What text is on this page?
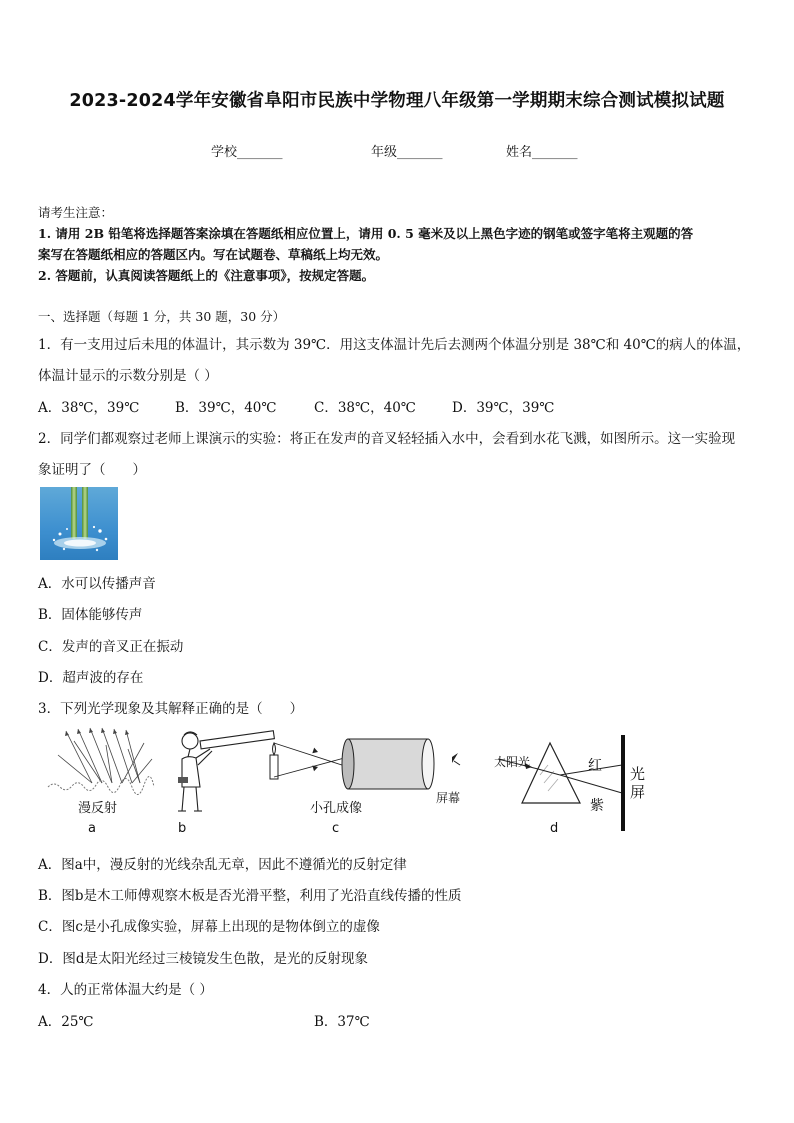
2023-2024学年安徽省阜阳市民族中学物理八年级第一学期期末综合测试模拟试题
学校_______	年级_______	姓名_______
请考生注意：
1. 请用 2B 铅笔将选择题答案涂填在答题纸相应位置上，请用 0. 5 毫米及以上黑色字迹的钢笔或签字笔将主观题的答
案写在答题纸相应的答题区内。写在试题卷、草稿纸上均无效。
2. 答题前，认真阅读答题纸上的《注意事项》，按规定答题。
一、选择题（每题 1 分，共 30 题，30 分）
1．有一支用过后未甩的体温计，其示数为 39℃．用这支体温计先后去测两个体温分别是 38℃和 40℃的病人的体温，
体温计显示的示数分别是（ ）
A．38℃，39℃	B．39℃，40℃	C．38℃，40℃	D．39℃，39℃
2．同学们都观察过老师上课演示的实验：将正在发声的音叉轻轻插入水中，会看到水花飞溅，如图所示。这一实验现
象证明了（　　）
A．水可以传播声音
B．固体能够传声
C．发声的音叉正在振动
D．超声波的存在
3．下列光学现象及其解释正确的是（　　）
漫反射
a	b
小孔成像
屏幕
c
太阳光	红
紫
光
屏
d
A．图a中，漫反射的光线杂乱无章，因此不遵循光的反射定律
B．图b是木工师傅观察木板是否光滑平整，利用了光沿直线传播的性质
C．图c是小孔成像实验，屏幕上出现的是物体倒立的虚像
D．图d是太阳光经过三棱镜发生色散，是光的反射现象
4．人的正常体温大约是（ ）
A．25℃	B．37℃
